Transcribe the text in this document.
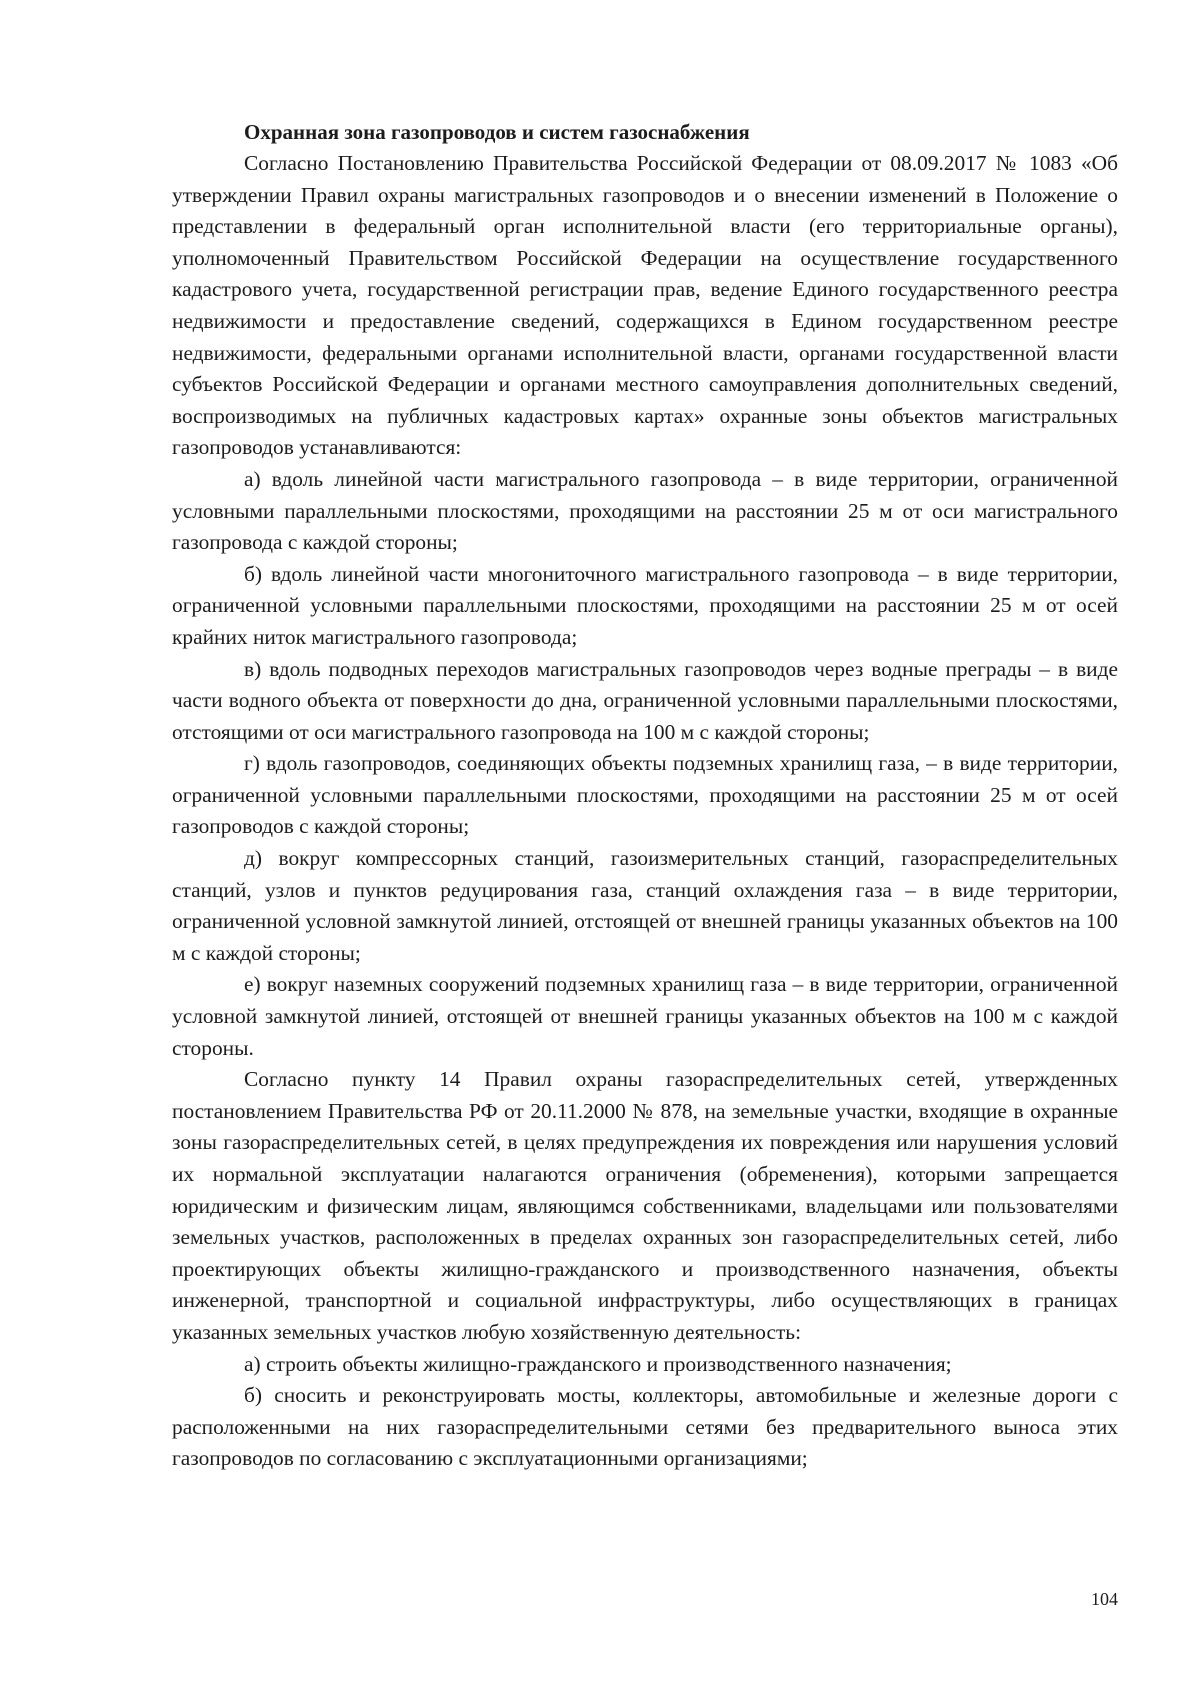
Охранная зона газопроводов и систем газоснабжения

Согласно Постановлению Правительства Российской Федерации от 08.09.2017 № 1083 «Об утверждении Правил охраны магистральных газопроводов и о внесении изменений в Положение о представлении в федеральный орган исполнительной власти (его территориальные органы), уполномоченный Правительством Российской Федерации на осуществление государственного кадастрового учета, государственной регистрации прав, ведение Единого государственного реестра недвижимости и предоставление сведений, содержащихся в Едином государственном реестре недвижимости, федеральными органами исполнительной власти, органами государственной власти субъектов Российской Федерации и органами местного самоуправления дополнительных сведений, воспроизводимых на публичных кадастровых картах» охранные зоны объектов магистральных газопроводов устанавливаются:

а) вдоль линейной части магистрального газопровода – в виде территории, ограниченной условными параллельными плоскостями, проходящими на расстоянии 25 м от оси магистрального газопровода с каждой стороны;

б) вдоль линейной части многониточного магистрального газопровода – в виде территории, ограниченной условными параллельными плоскостями, проходящими на расстоянии 25 м от осей крайних ниток магистрального газопровода;

в) вдоль подводных переходов магистральных газопроводов через водные преграды – в виде части водного объекта от поверхности до дна, ограниченной условными параллельными плоскостями, отстоящими от оси магистрального газопровода на 100 м с каждой стороны;

г) вдоль газопроводов, соединяющих объекты подземных хранилищ газа, – в виде территории, ограниченной условными параллельными плоскостями, проходящими на расстоянии 25 м от осей газопроводов с каждой стороны;

д) вокруг компрессорных станций, газоизмерительных станций, газораспределительных станций, узлов и пунктов редуцирования газа, станций охлаждения газа – в виде территории, ограниченной условной замкнутой линией, отстоящей от внешней границы указанных объектов на 100 м с каждой стороны;

е) вокруг наземных сооружений подземных хранилищ газа – в виде территории, ограниченной условной замкнутой линией, отстоящей от внешней границы указанных объектов на 100 м с каждой стороны.

Согласно пункту 14 Правил охраны газораспределительных сетей, утвержденных постановлением Правительства РФ от 20.11.2000 № 878, на земельные участки, входящие в охранные зоны газораспределительных сетей, в целях предупреждения их повреждения или нарушения условий их нормальной эксплуатации налагаются ограничения (обременения), которыми запрещается юридическим и физическим лицам, являющимся собственниками, владельцами или пользователями земельных участков, расположенных в пределах охранных зон газораспределительных сетей, либо проектирующих объекты жилищно-гражданского и производственного назначения, объекты инженерной, транспортной и социальной инфраструктуры, либо осуществляющих в границах указанных земельных участков любую хозяйственную деятельность:

а) строить объекты жилищно-гражданского и производственного назначения;

б) сносить и реконструировать мосты, коллекторы, автомобильные и железные дороги с расположенными на них газораспределительными сетями без предварительного выноса этих газопроводов по согласованию с эксплуатационными организациями;

104
